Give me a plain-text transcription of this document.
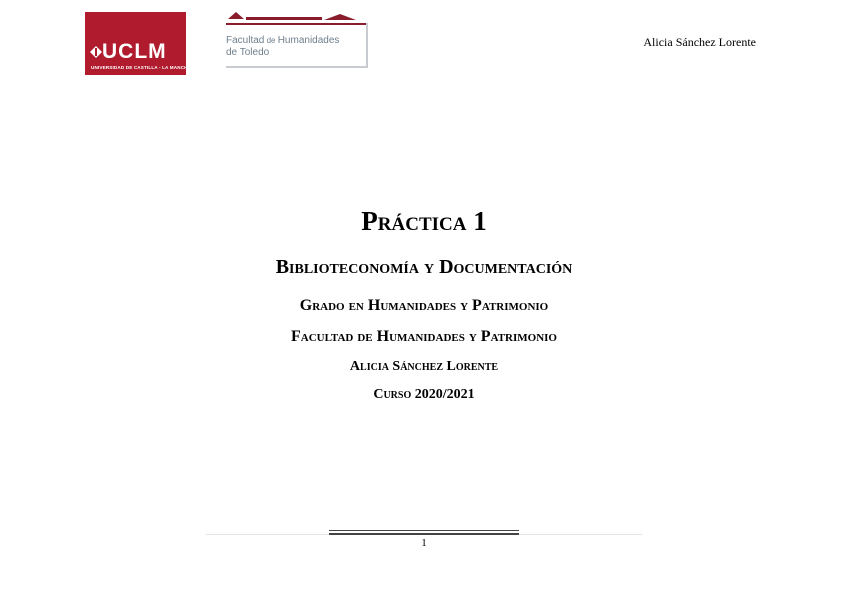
UCLM
UNIVERSIDAD DE CASTILLA - LA MANCHA
Facultad de Humanidades
de Toledo
Alicia Sánchez Lorente
Práctica 1
Biblioteconomía y Documentación
Grado en Humanidades y Patrimonio
Facultad de Humanidades y Patrimonio
Alicia Sánchez Lorente
Curso 2020/2021
1
